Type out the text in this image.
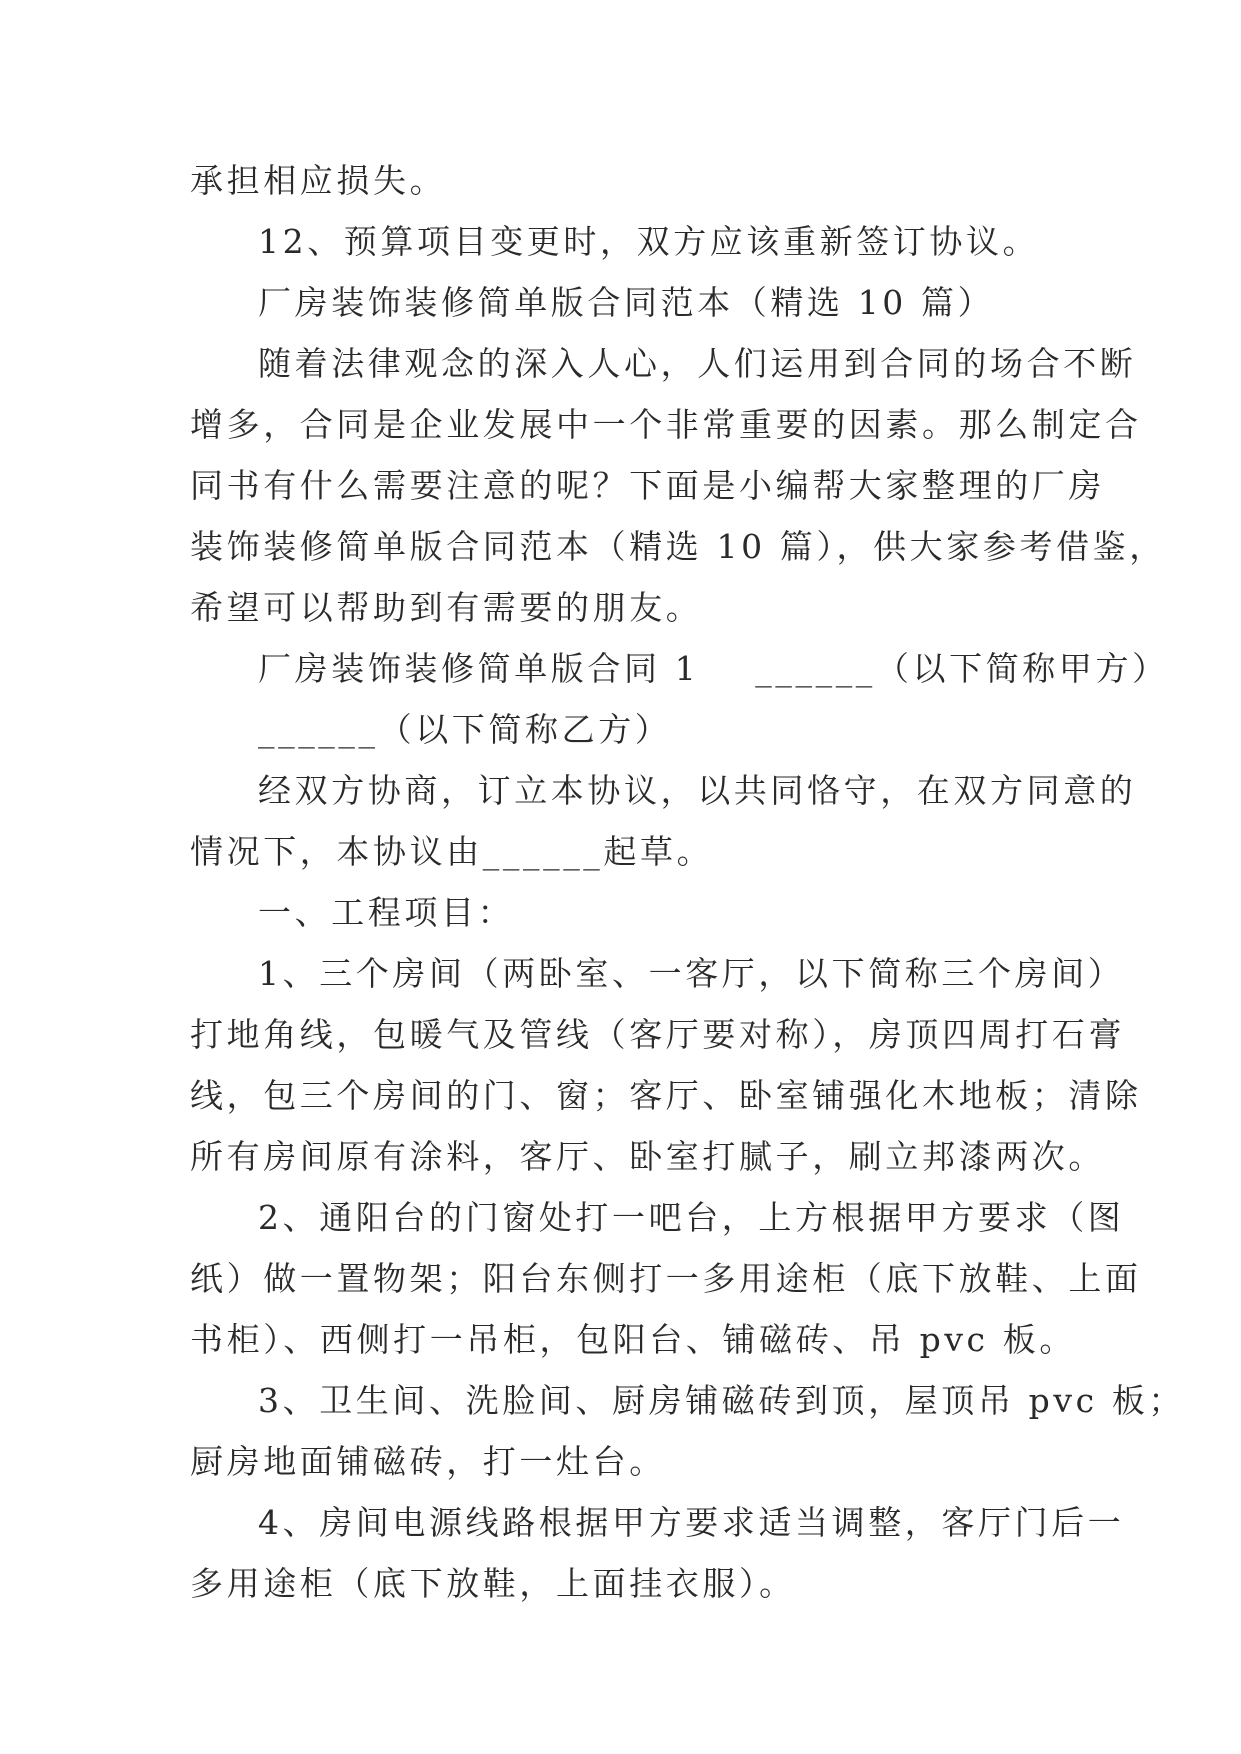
承担相应损失。
12、预算项目变更时，双方应该重新签订协议。
厂房装饰装修简单版合同范本（精选 10 篇）
随着法律观念的深入人心，人们运用到合同的场合不断
增多，合同是企业发展中一个非常重要的因素。那么制定合
同书有什么需要注意的呢？下面是小编帮大家整理的厂房
装饰装修简单版合同范本（精选 10 篇），供大家参考借鉴，
希望可以帮助到有需要的朋友。
厂房装饰装修简单版合同 1 ______（以下简称甲方）
______（以下简称乙方）
经双方协商，订立本协议，以共同恪守，在双方同意的
情况下，本协议由______起草。
一、工程项目：
1、三个房间（两卧室、一客厅，以下简称三个房间）
打地角线，包暖气及管线（客厅要对称），房顶四周打石膏
线，包三个房间的门、窗；客厅、卧室铺强化木地板；清除
所有房间原有涂料，客厅、卧室打腻子，刷立邦漆两次。
2、通阳台的门窗处打一吧台，上方根据甲方要求（图
纸）做一置物架；阳台东侧打一多用途柜（底下放鞋、上面
书柜）、西侧打一吊柜，包阳台、铺磁砖、吊 pvc 板。
3、卫生间、洗脸间、厨房铺磁砖到顶，屋顶吊 pvc 板；
厨房地面铺磁砖，打一灶台。
4、房间电源线路根据甲方要求适当调整，客厅门后一
多用途柜（底下放鞋，上面挂衣服）。
